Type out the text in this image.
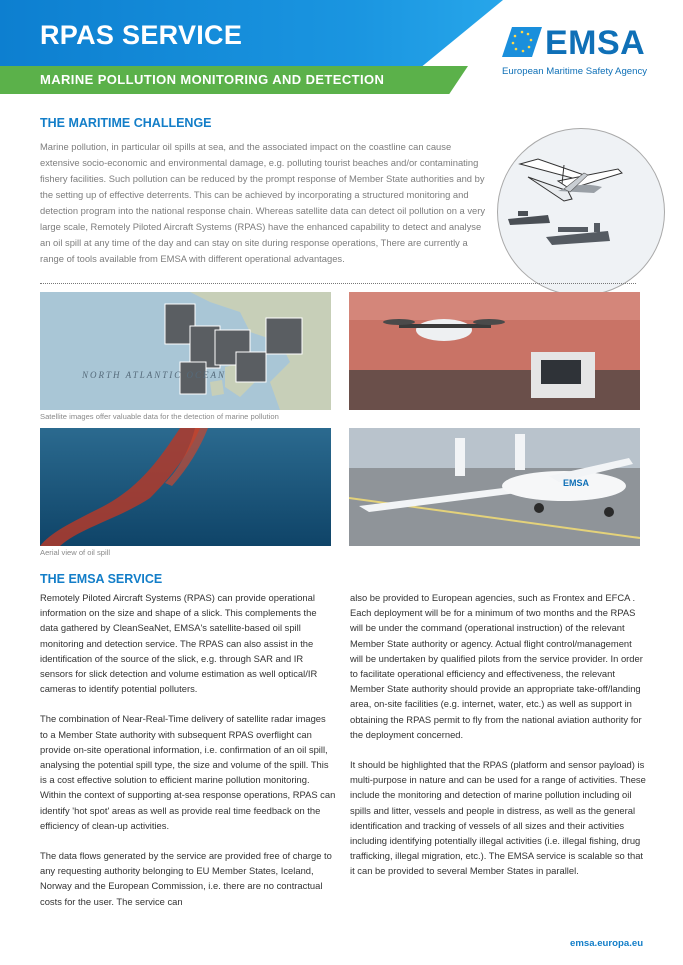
RPAS SERVICE
MARINE POLLUTION MONITORING AND DETECTION
EMSA
European Maritime Safety Agency
THE MARITIME CHALLENGE
Marine pollution, in particular oil spills at sea, and the associated impact on the coastline can cause extensive socio-economic and environmental damage, e.g. polluting tourist beaches and/or contaminating fishery facilities. Such pollution can be reduced by the prompt response of Member State authorities and by the setting up of effective deterrents. This can be achieved by incorporating a structured monitoring and detection program into the national response chain. Whereas satellite data can detect oil pollution on a very large scale, Remotely Piloted Aircraft Systems (RPAS) have the enhanced capability to detect and analyse an oil spill at any time of the day and can stay on site during response operations, There are currently a range of tools available from EMSA with different operational advantages.
NORTH ATLANTIC OCEAN
Satellite images offer valuable data for the detection of marine pollution
Aerial view of oil spill
EMSA
THE EMSA SERVICE

Remotely Piloted Aircraft Systems (RPAS) can provide operational information on the size and shape of a slick. This complements the data gathered by CleanSeaNet, EMSA's satellite-based oil spill monitoring and detection service. The RPAS can also assist in the identification of the source of the slick, e.g. through SAR and IR sensors for slick detection and volume estimation as well optical/IR cameras to identify potential polluters.

The combination of Near-Real-Time delivery of satellite radar images to a Member State authority with subsequent RPAS overflight can provide on-site operational information, i.e. confirmation of an oil spill, analysing the potential spill type, the size and volume of the spill. This is a cost effective solution to efficient marine pollution monitoring. Within the context of supporting at-sea response operations, RPAS can identify 'hot spot' areas as well as provide real time feedback on the efficiency of clean-up activities.

The data flows generated by the service are provided free of charge to any requesting authority belonging to EU Member States, Iceland, Norway and the European Commission, i.e. there are no contractual costs for the user. The service can

also be provided to European agencies, such as Frontex and EFCA . Each deployment will be for a minimum of two months and the RPAS will be under the command (operational instruction) of the relevant Member State authority or agency. Actual flight control/management will be undertaken by qualified pilots from the service provider. In order to facilitate operational efficiency and effectiveness, the relevant Member State authority should provide an appropriate take-off/landing area, on-site facilities (e.g. internet, water, etc.) as well as support in obtaining the RPAS permit to fly from the national aviation authority for the deployment concerned.

It should be highlighted that the RPAS (platform and sensor payload) is multi-purpose in nature and can be used for a range of activities. These include the monitoring and detection of marine pollution including oil spills and litter, vessels and people in distress, as well as the general identification and tracking of vessels of all sizes and their activities including identifying potentially illegal activities (i.e. illegal fishing, drug trafficking, illegal migration, etc.). The EMSA service is scalable so that it can be provided to several Member States in parallel.

emsa.europa.eu
